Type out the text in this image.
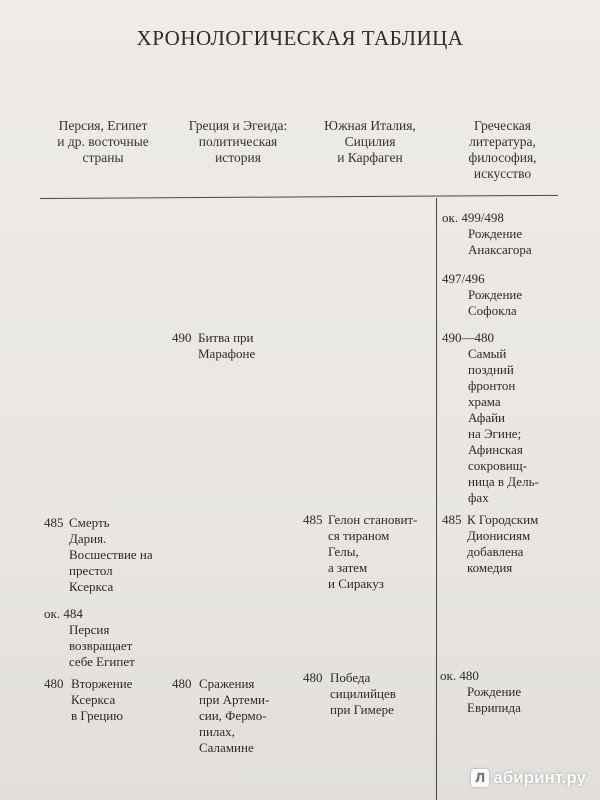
ХРОНОЛОГИЧЕСКАЯ ТАБЛИЦА
Персия, Египет
и др. восточные
страны
Греция и Эгеида:
политическая
история
Южная Италия,
Сицилия
и Карфаген
Греческая
литература,
философия,
искусство
ок. 499/498
Рождение
Анаксагора
497/496
Рождение
Софокла
490 Битва при
Марафоне
490—480
Самый
поздний
фронтон
храма
Афайи
на Эгине;
Афинская
сокровищ-
ница в Дель-
фах
485 Смерть
Дария.
Восшествие на
престол
Ксеркса
485 Гелон становит-
ся тираном
Гелы,
а затем
и Сиракуз
485 К Городским
Дионисиям
добавлена
комедия
ок. 484
Персия
возвращает
себе Египет
480 Вторжение
Ксеркса
в Грецию
480 Сражения
при Артеми-
сии, Фермо-
пилах,
Саламине
480 Победа
сицилийцев
при Гимере
ок. 480
Рождение
Еврипида
Л абиринт.ру
